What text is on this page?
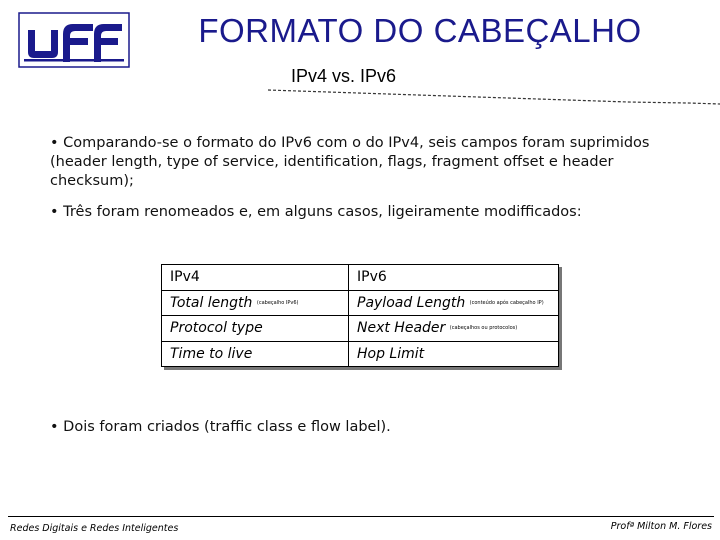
FORMATO DO CABEÇALHO
IPv4 vs. IPv6
• Comparando-se o formato do IPv6 com o do IPv4, seis campos foram suprimidos (header length, type of service, identification, flags, fragment offset e header checksum);
• Três foram renomeados e, em alguns casos, ligeiramente modifficados:
IPv4	IPv6
Total length (cabeçalho IPv6)	Payload Length (conteúdo após cabeçalho IP)
Protocol type	Next Header (cabeçalhos ou protocolos)
Time to live	Hop Limit
• Dois foram criados (traffic class e flow label).
Redes Digitais e Redes Inteligentes	Profª Milton M. Flores
